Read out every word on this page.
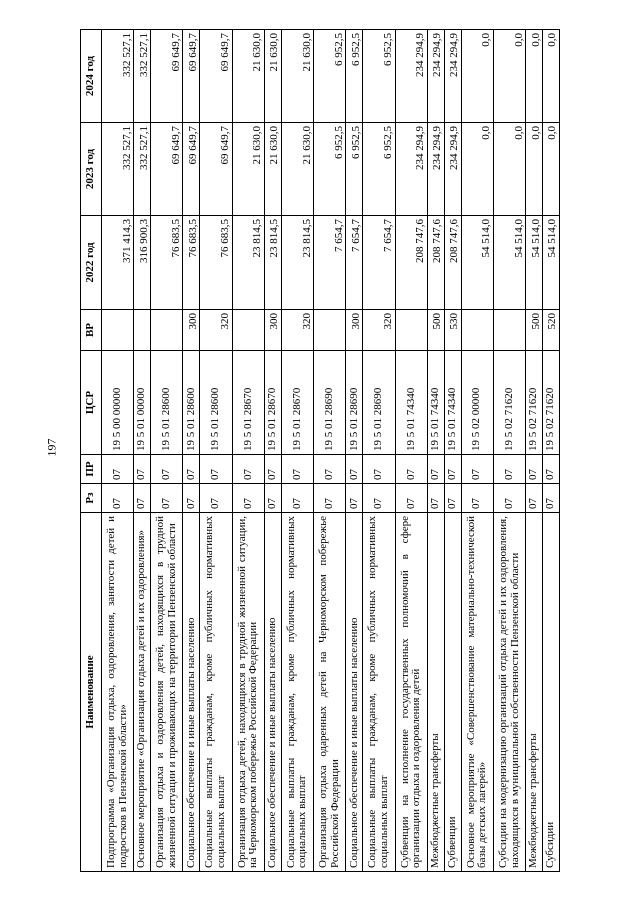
197
Наименование	Рз	ПР	ЦСР	ВР	2022 год	2023 год	2024 год
Подпрограмма «Организация отдыха, оздоровления, занятости детей и подростков в Пензенской области»	07	07	19 5 00 00000		371 414,3	332 527,1	332 527,1
Основное мероприятие «Организация отдыха детей и их оздоровления»	07	07	19 5 01 00000		316 900,3	332 527,1	332 527,1
Организация отдыха и оздоровления детей, находящихся в трудной жизненной ситуации и проживающих на территории Пензенской области	07	07	19 5 01 28600		76 683,5	69 649,7	69 649,7
Социальное обеспечение и иные выплаты населению	07	07	19 5 01 28600	300	76 683,5	69 649,7	69 649,7
Социальные выплаты гражданам, кроме публичных нормативных социальных выплат	07	07	19 5 01 28600	320	76 683,5	69 649,7	69 649,7
Организация отдыха детей, находящихся в трудной жизненной ситуации, на Черноморском побережье Российской Федерации	07	07	19 5 01 28670		23 814,5	21 630,0	21 630,0
Социальное обеспечение и иные выплаты населению	07	07	19 5 01 28670	300	23 814,5	21 630,0	21 630,0
Социальные выплаты гражданам, кроме публичных нормативных социальных выплат	07	07	19 5 01 28670	320	23 814,5	21 630,0	21 630,0
Организация отдыха одаренных детей на Черноморском побережье Российской Федерации	07	07	19 5 01 28690		7 654,7	6 952,5	6 952,5
Социальное обеспечение и иные выплаты населению	07	07	19 5 01 28690	300	7 654,7	6 952,5	6 952,5
Социальные выплаты гражданам, кроме публичных нормативных социальных выплат	07	07	19 5 01 28690	320	7 654,7	6 952,5	6 952,5
Субвенции на исполнение государственных полномочий в сфере организации отдыха и оздоровления детей	07	07	19 5 01 74340		208 747,6	234 294,9	234 294,9
Межбюджетные трансферты	07	07	19 5 01 74340	500	208 747,6	234 294,9	234 294,9
Субвенции	07	07	19 5 01 74340	530	208 747,6	234 294,9	234 294,9
Основное мероприятие «Совершенствование материально-технической базы детских лагерей»	07	07	19 5 02 00000		54 514,0	0,0	0,0
Субсидии на модернизацию организаций отдыха детей и их оздоровления, находящихся в муниципальной собственности Пензенской области	07	07	19 5 02 71620		54 514,0	0,0	0,0
Межбюджетные трансферты	07	07	19 5 02 71620	500	54 514,0	0,0	0,0
Субсидии	07	07	19 5 02 71620	520	54 514,0	0,0	0,0
